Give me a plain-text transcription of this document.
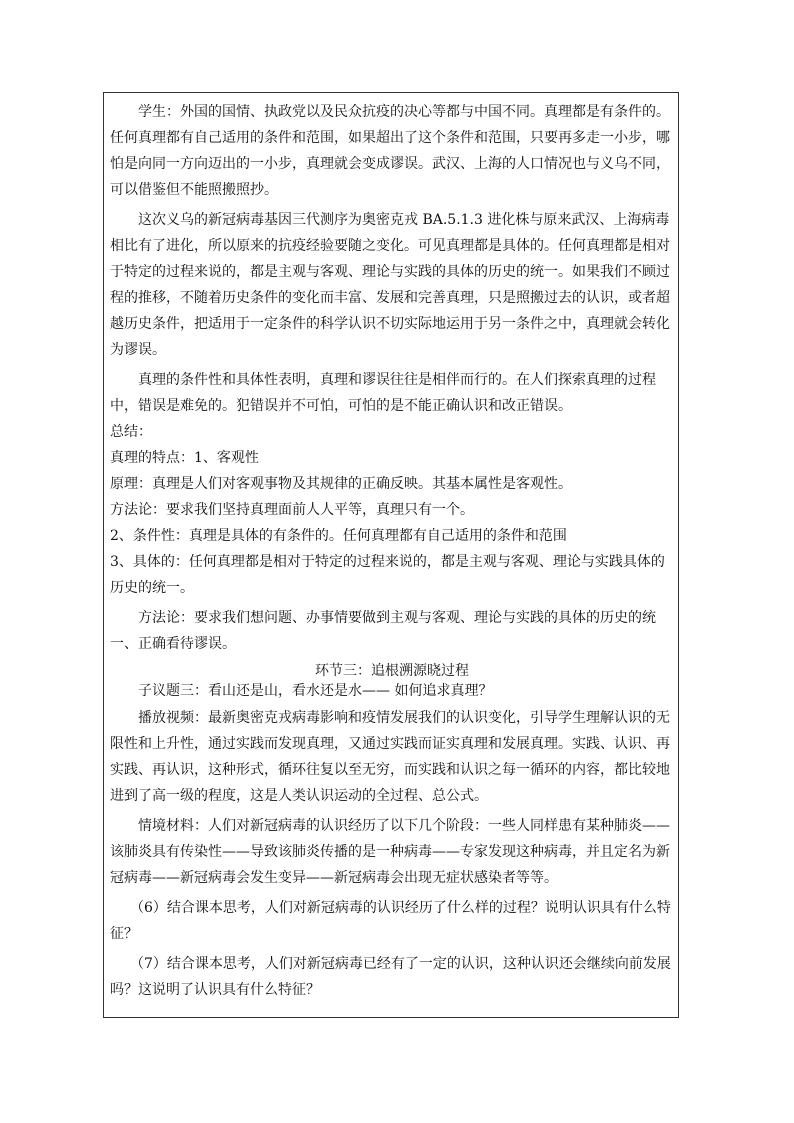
学生：外国的国情、执政党以及民众抗疫的决心等都与中国不同。真理都是有条件的。任何真理都有自己适用的条件和范围，如果超出了这个条件和范围，只要再多走一小步，哪怕是向同一方向迈出的一小步，真理就会变成谬误。武汉、上海的人口情况也与义乌不同，可以借鉴但不能照搬照抄。

这次义乌的新冠病毒基因三代测序为奥密克戎 BA.5.1.3 进化株与原来武汉、上海病毒相比有了进化，所以原来的抗疫经验要随之变化。可见真理都是具体的。任何真理都是相对于特定的过程来说的，都是主观与客观、理论与实践的具体的历史的统一。如果我们不顾过程的推移，不随着历史条件的变化而丰富、发展和完善真理，只是照搬过去的认识，或者超越历史条件，把适用于一定条件的科学认识不切实际地运用于另一条件之中，真理就会转化为谬误。

真理的条件性和具体性表明，真理和谬误往往是相伴而行的。在人们探索真理的过程中，错误是难免的。犯错误并不可怕，可怕的是不能正确认识和改正错误。

总结：

真理的特点：1、客观性

原理：真理是人们对客观事物及其规律的正确反映。其基本属性是客观性。

方法论：要求我们坚持真理面前人人平等，真理只有一个。

2、条件性：真理是具体的有条件的。任何真理都有自己适用的条件和范围

3、具体的：任何真理都是相对于特定的过程来说的，都是主观与客观、理论与实践具体的历史的统一。

方法论：要求我们想问题、办事情要做到主观与客观、理论与实践的具体的历史的统一、正确看待谬误。

环节三：追根溯源晓过程

子议题三：看山还是山，看水还是水—— 如何追求真理？

播放视频：最新奥密克戎病毒影响和疫情发展我们的认识变化，引导学生理解认识的无限性和上升性，通过实践而发现真理，又通过实践而证实真理和发展真理。实践、认识、再实践、再认识，这种形式，循环往复以至无穷，而实践和认识之每一循环的内容，都比较地进到了高一级的程度，这是人类认识运动的全过程、总公式。

情境材料：人们对新冠病毒的认识经历了以下几个阶段：一些人同样患有某种肺炎——该肺炎具有传染性——导致该肺炎传播的是一种病毒——专家发现这种病毒，并且定名为新冠病毒——新冠病毒会发生变异——新冠病毒会出现无症状感染者等等。

（6）结合课本思考，人们对新冠病毒的认识经历了什么样的过程？说明认识具有什么特征？

（7）结合课本思考，人们对新冠病毒已经有了一定的认识，这种认识还会继续向前发展吗？这说明了认识具有什么特征？
